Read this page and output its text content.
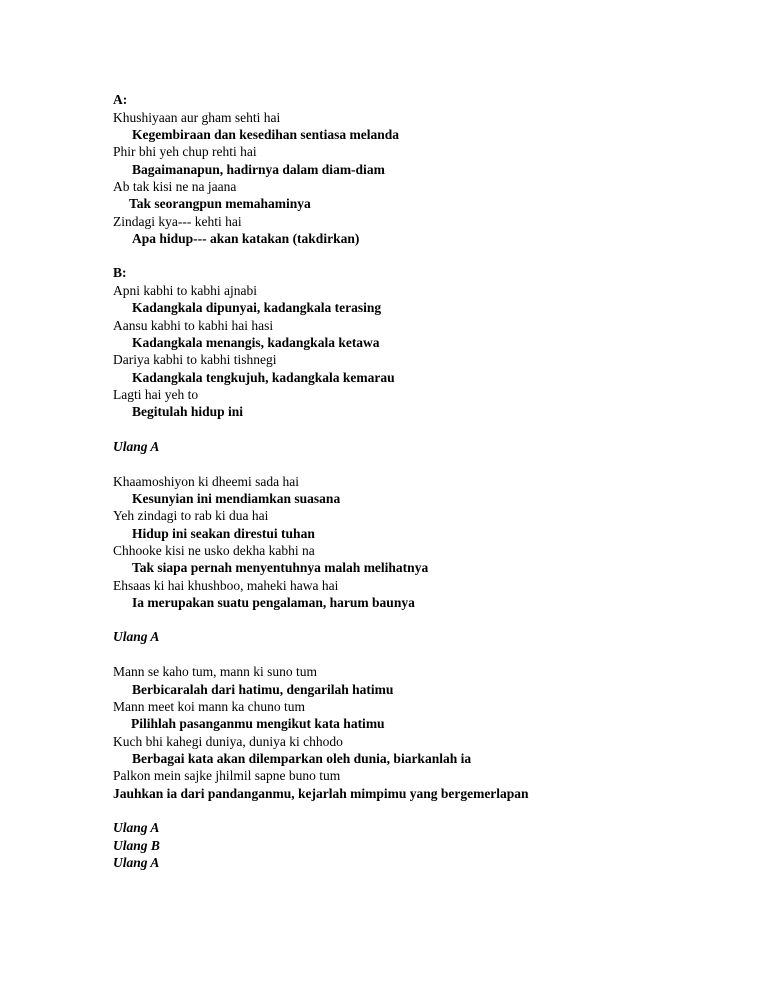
A:
Khushiyaan aur gham sehti hai
Kegembiraan dan kesedihan sentiasa melanda
Phir bhi yeh chup rehti hai
Bagaimanapun, hadirnya dalam diam-diam
Ab tak kisi ne na jaana
Tak seorangpun memahaminya
Zindagi kya--- kehti hai
Apa hidup--- akan katakan (takdirkan)
B:
Apni kabhi to kabhi ajnabi
Kadangkala dipunyai, kadangkala terasing
Aansu kabhi to kabhi hai hasi
Kadangkala menangis, kadangkala ketawa
Dariya kabhi to kabhi tishnegi
Kadangkala tengkujuh, kadangkala kemarau
Lagti hai yeh to
Begitulah hidup ini
Ulang A
Khaamoshiyon ki dheemi sada hai
Kesunyian ini mendiamkan suasana
Yeh zindagi to rab ki dua hai
Hidup ini seakan direstui tuhan
Chhooke kisi ne usko dekha kabhi na
Tak siapa pernah menyentuhnya malah melihatnya
Ehsaas ki hai khushboo, maheki hawa hai
Ia merupakan suatu pengalaman, harum baunya
Ulang A
Mann se kaho tum, mann ki suno tum
Berbicaralah dari hatimu, dengarilah hatimu
Mann meet koi mann ka chuno tum
Pilihlah pasanganmu mengikut kata hatimu
Kuch bhi kahegi duniya, duniya ki chhodo
Berbagai kata akan dilemparkan oleh dunia, biarkanlah ia
Palkon mein sajke jhilmil sapne buno tum
Jauhkan ia dari pandanganmu, kejarlah mimpimu yang bergemerlapan
Ulang A
Ulang B
Ulang A
